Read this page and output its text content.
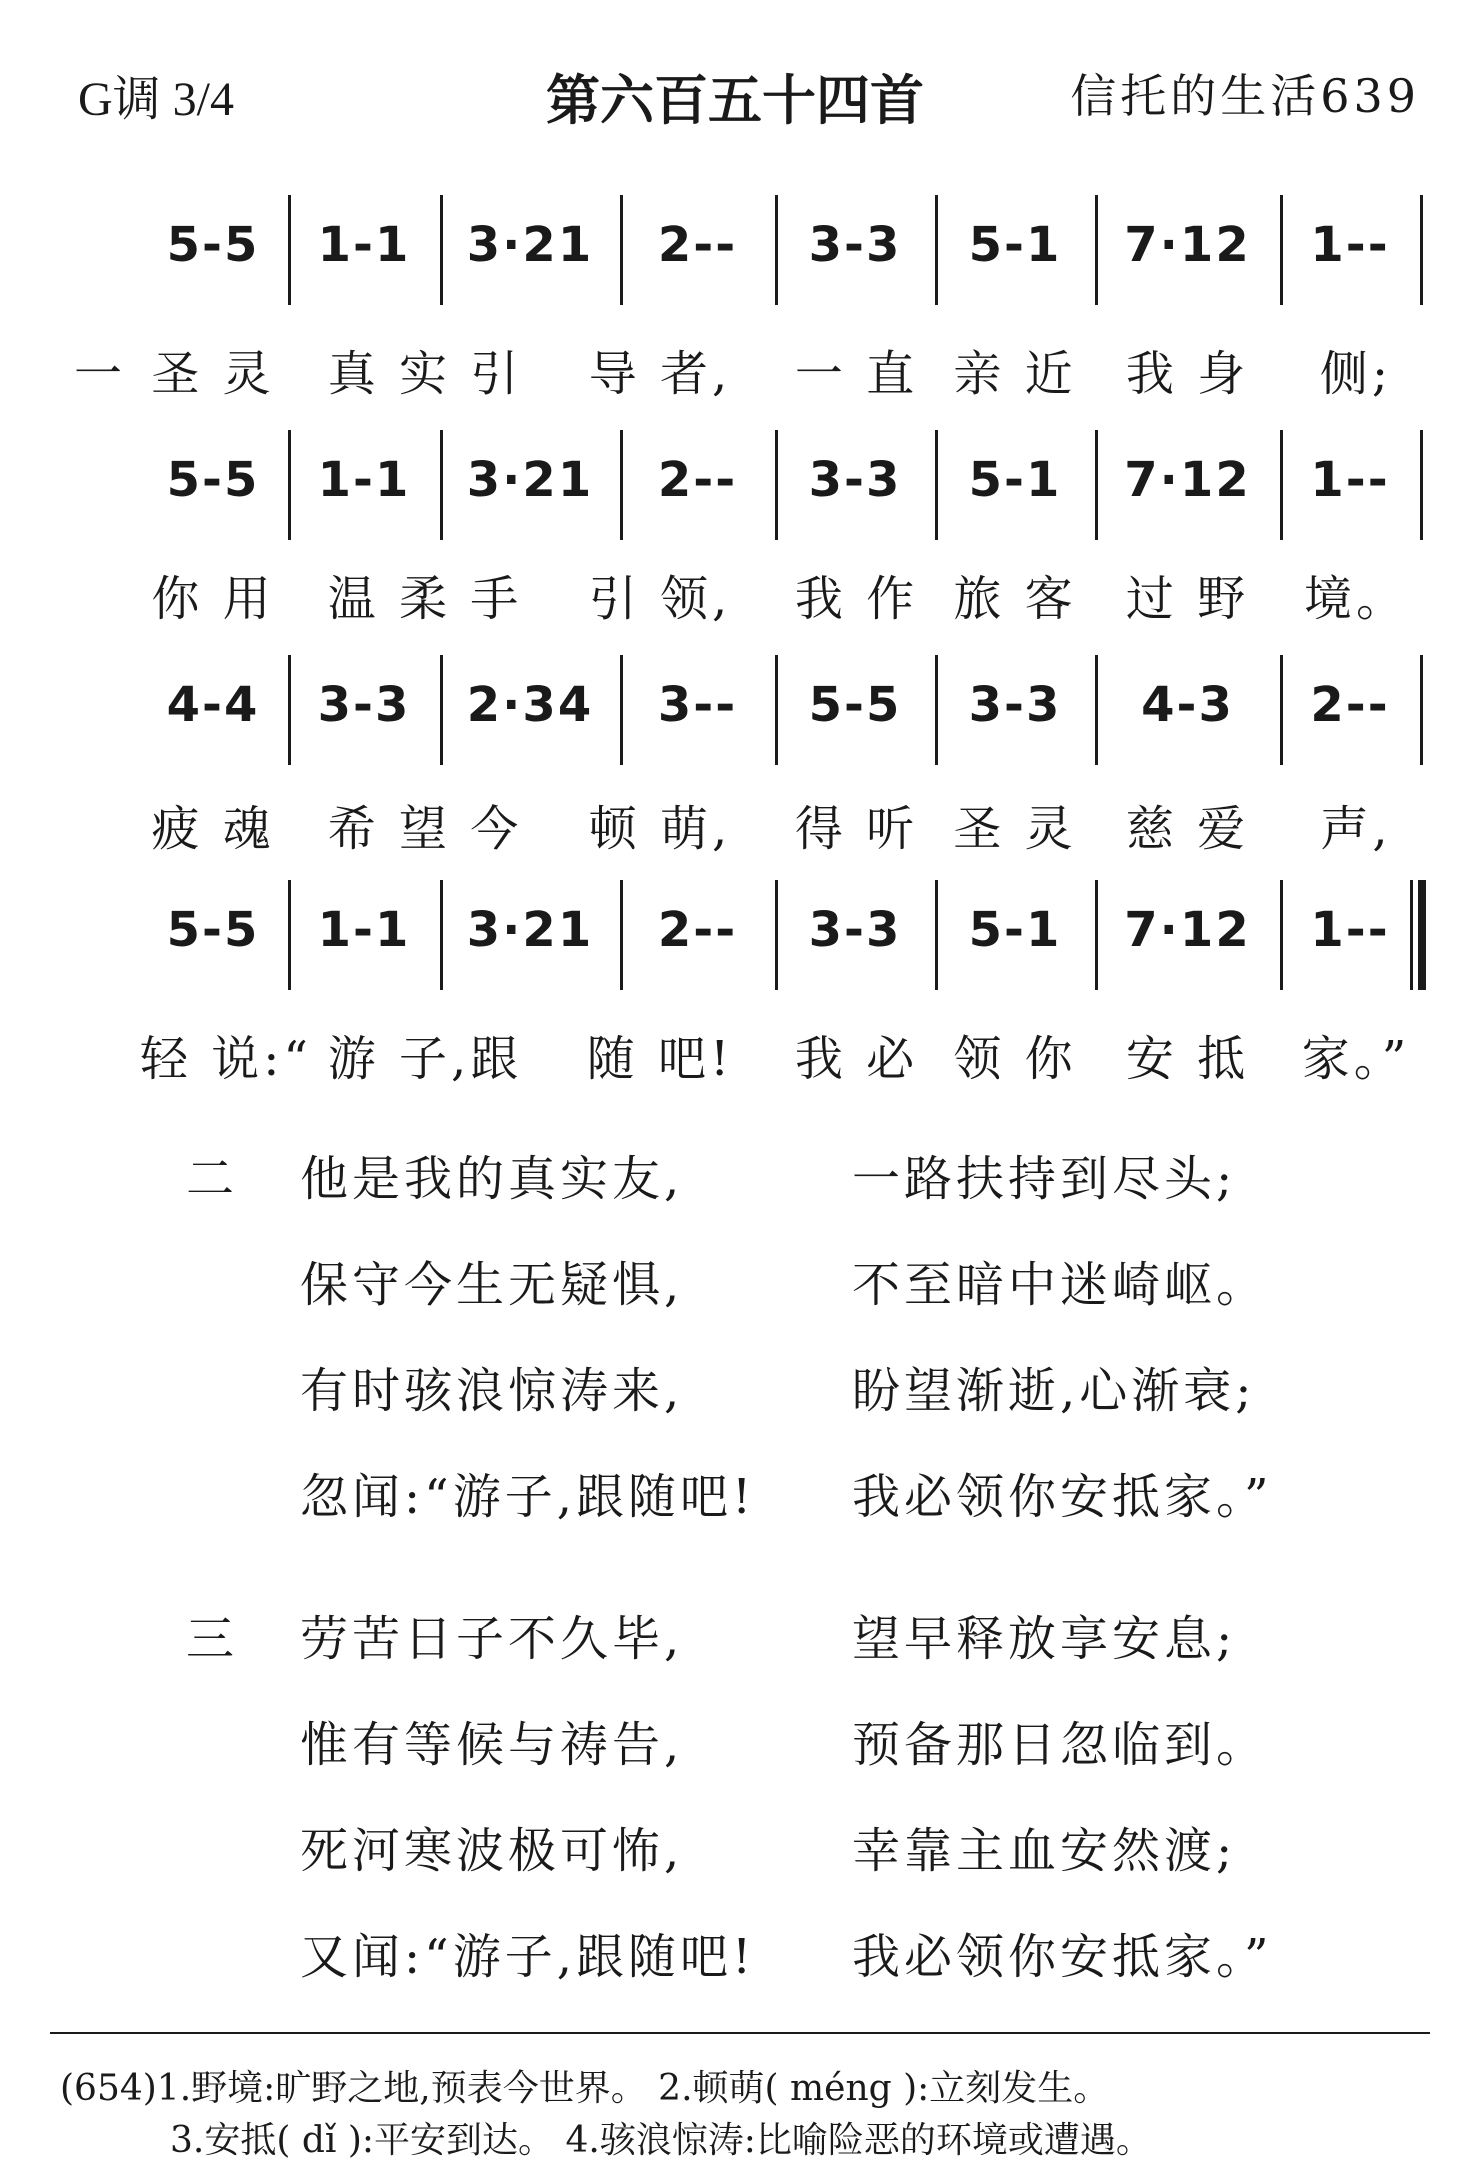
G调 3/4	第六百五十四首	信托的生活639
5-5	1-1	3·21	2--	3-3	5-1	7·12	1--
一 圣 灵	真 实 引	导 者,	一 直 亲 近	我 身	侧;
5-5	1-1	3·21	2--	3-3	5-1	7·12	1--
你 用	温 柔 手	引 领,	我 作 旅 客	过 野	境。
4-4	3-3	2·34	3--	5-5	3-3	4-3	2--
疲 魂	希 望 今	顿 萌,	得 听 圣 灵	慈 爱	声,
5-5	1-1	3·21	2--	3-3	5-1	7·12	1--
轻 说:“ 游 子,跟	随 吧!	我 必 领 你	安 抵	家。”
二 他是我的真实友,	一路扶持到尽头;
保守今生无疑惧,	不至暗中迷崎岖。
有时骇浪惊涛来,	盼望渐逝,心渐衰;
忽闻:“游子,跟随吧! 我必领你安抵家。”
三 劳苦日子不久毕,	望早释放享安息;
惟有等候与祷告,	预备那日忽临到。
死河寒波极可怖,	幸靠主血安然渡;
又闻:“游子,跟随吧! 我必领你安抵家。”
(654)1.野境:旷野之地,预表今世界。 2.顿萌( méng ):立刻发生。
3.安抵( dǐ ):平安到达。 4.骇浪惊涛:比喻险恶的环境或遭遇。
